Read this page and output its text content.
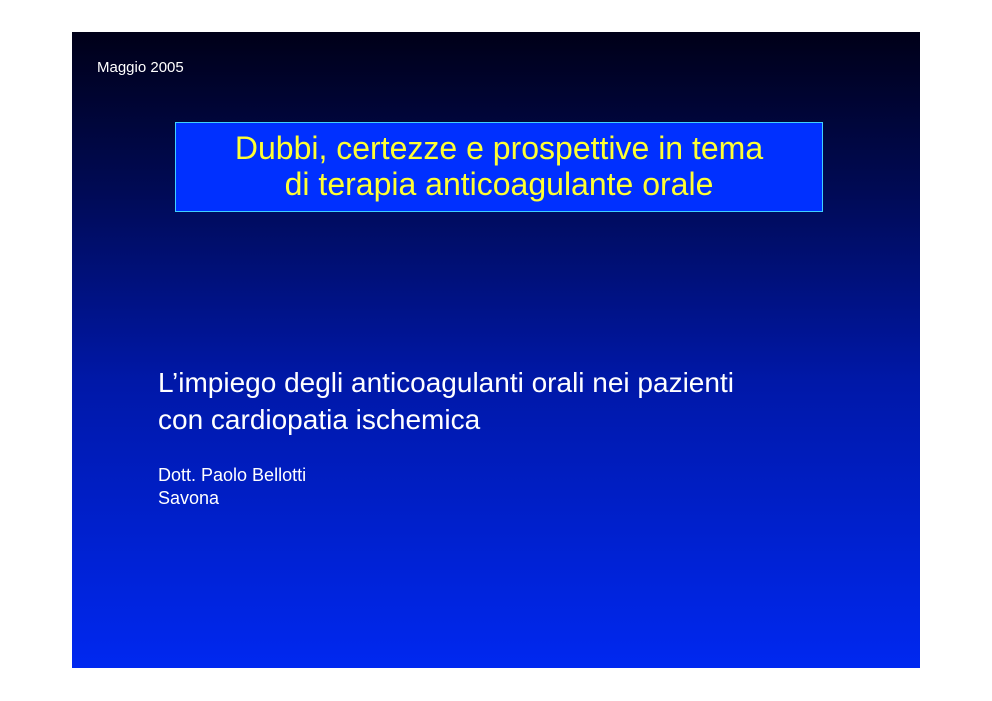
Maggio 2005
Dubbi, certezze e prospettive in tema
di terapia anticoagulante orale
L’impiego degli anticoagulanti orali nei pazienti
con cardiopatia ischemica
Dott. Paolo Bellotti
Savona
